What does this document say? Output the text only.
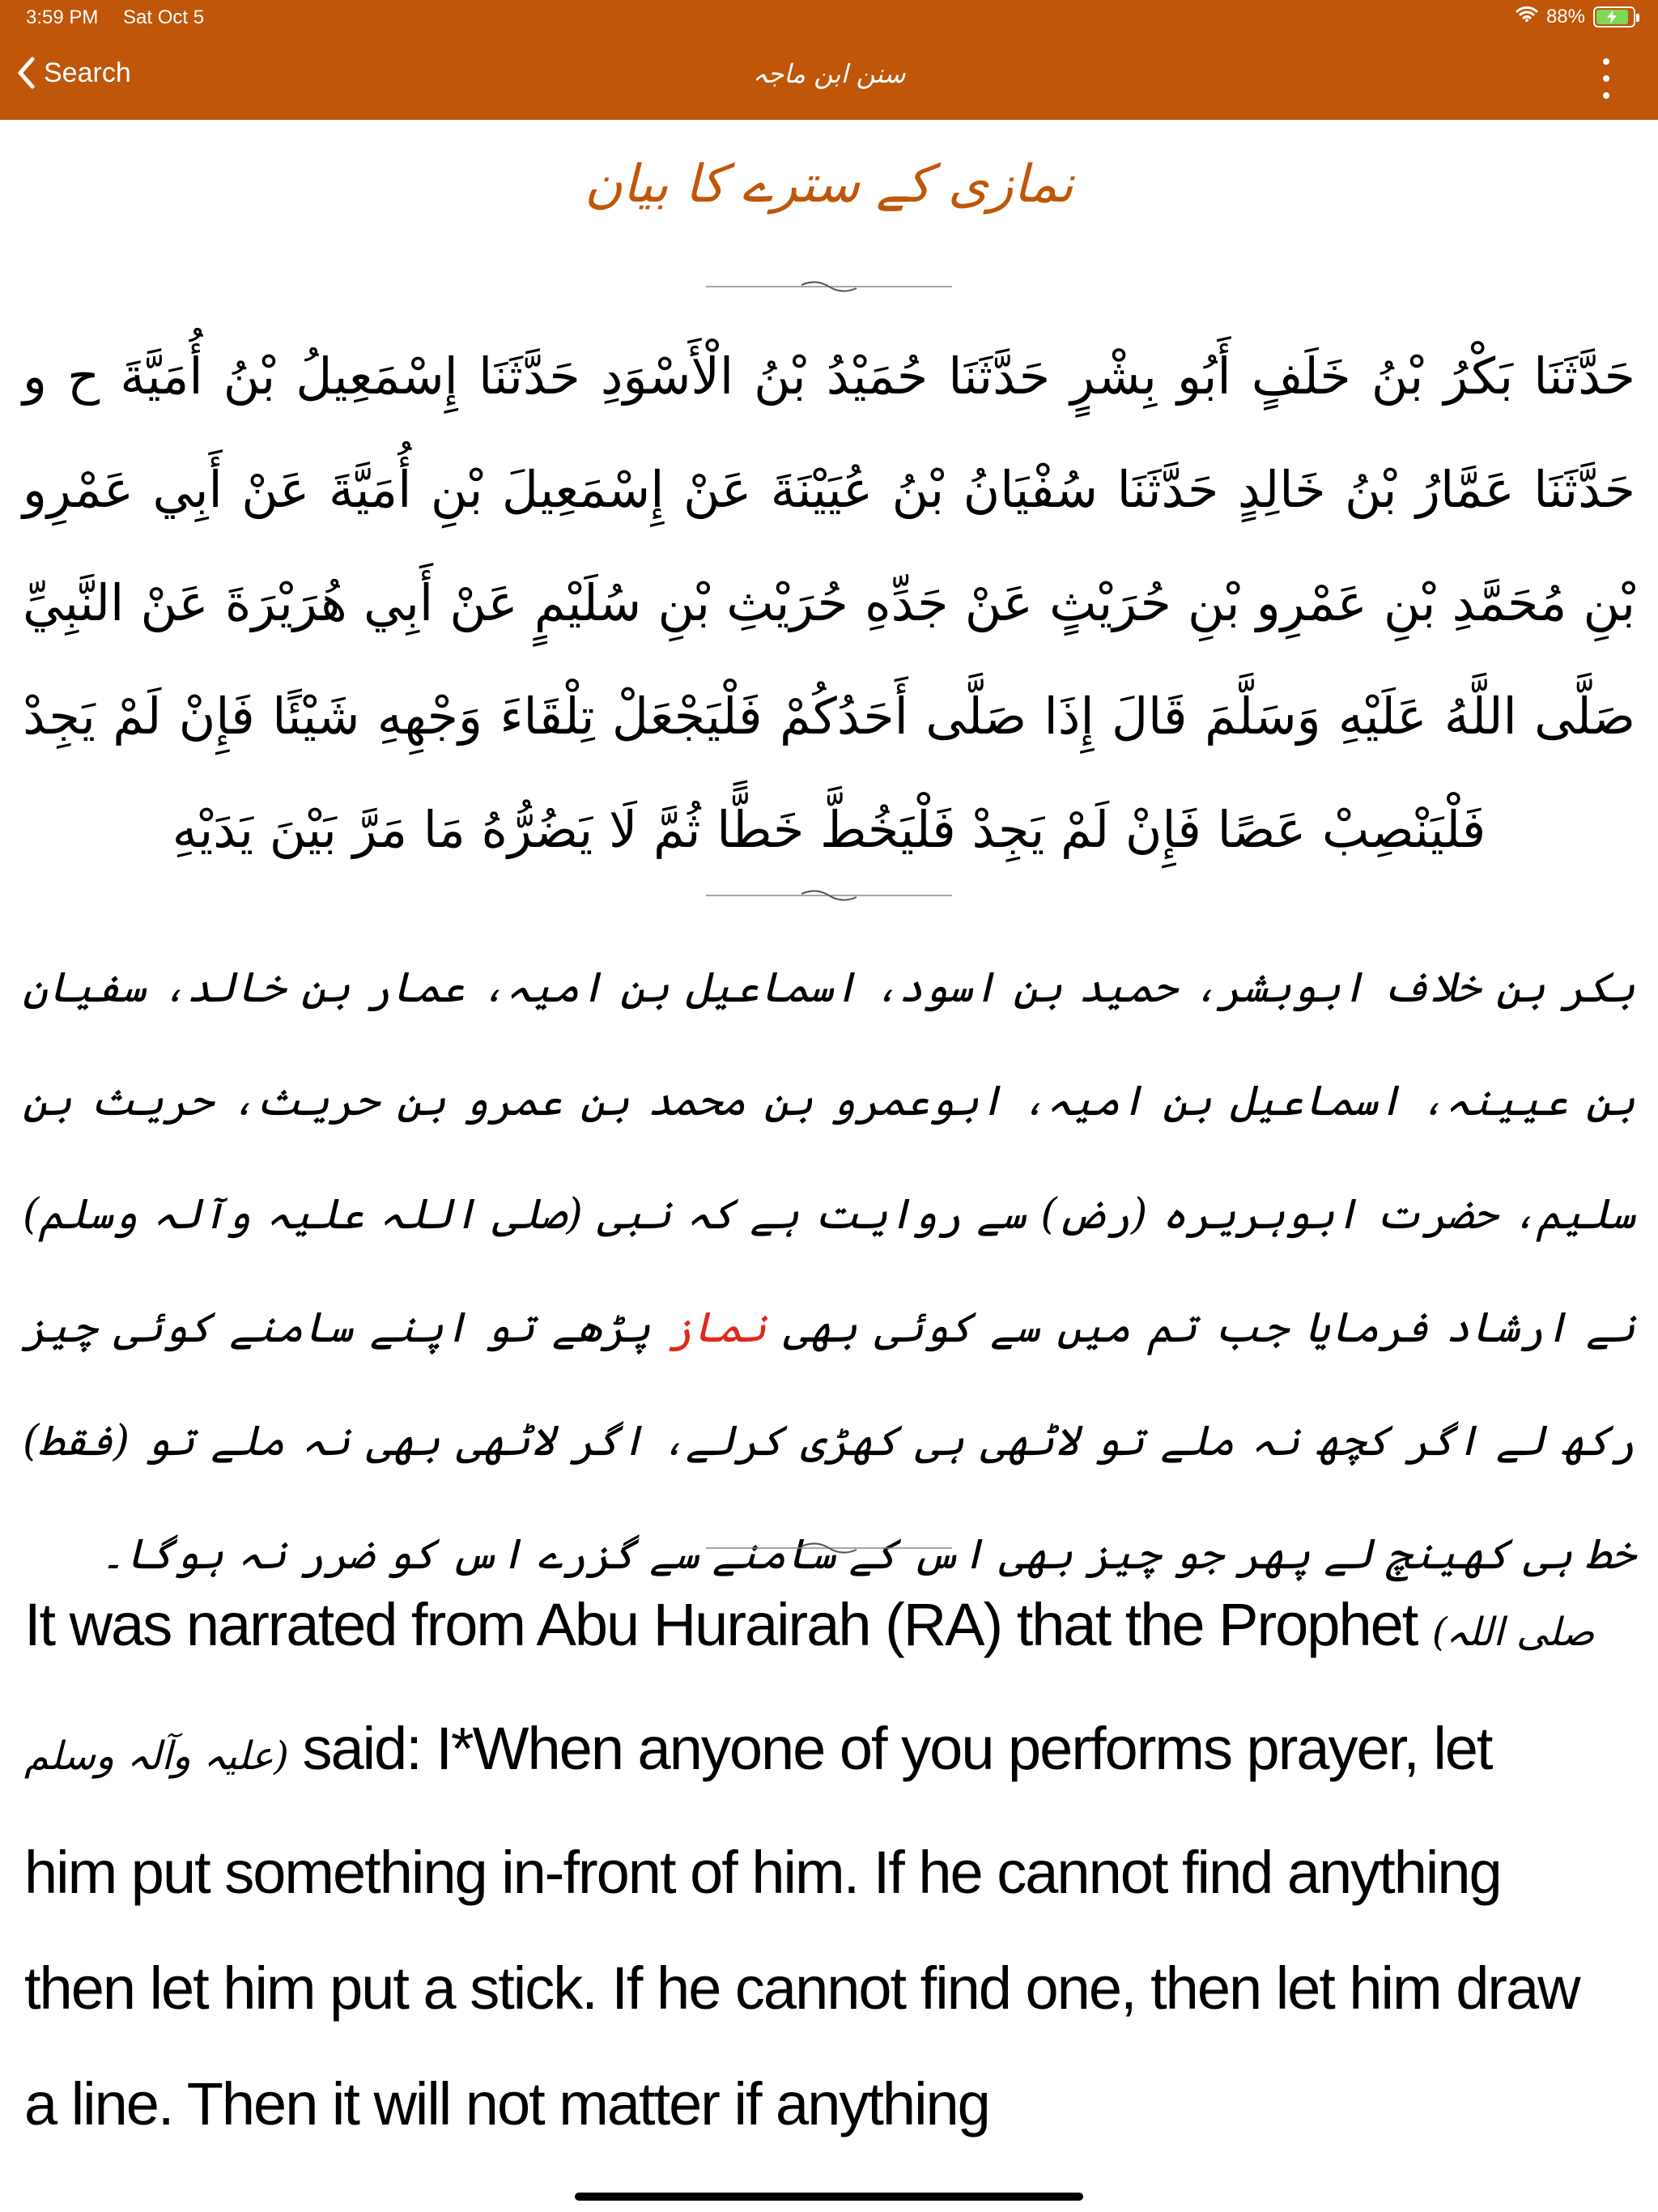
3:59 PM Sat Oct 5	88%
Search	سنن ابن ماجہ
نمازی کے سترے کا بیان
حَدَّثَنَا بَكْرُ بْنُ خَلَفٍ أَبُو بِشْرٍ حَدَّثَنَا حُمَيْدُ بْنُ الْأَسْوَدِ حَدَّثَنَا إِسْمَعِيلُ بْنُ أُمَيَّةَ ح و حَدَّثَنَا عَمَّارُ بْنُ خَالِدٍ حَدَّثَنَا سُفْيَانُ بْنُ عُيَيْنَةَ عَنْ إِسْمَعِيلَ بْنِ أُمَيَّةَ عَنْ أَبِي عَمْرِو بْنِ مُحَمَّدِ بْنِ عَمْرِو بْنِ حُرَيْثٍ عَنْ جَدِّهِ حُرَيْثِ بْنِ سُلَيْمٍ عَنْ أَبِي هُرَيْرَةَ عَنْ النَّبِيِّ صَلَّى اللَّهُ عَلَيْهِ وَسَلَّمَ قَالَ إِذَا صَلَّى أَحَدُكُمْ فَلْيَجْعَلْ تِلْقَاءَ وَجْهِهِ شَيْئًا فَإِنْ لَمْ يَجِدْ فَلْيَنْصِبْ عَصًا فَإِنْ لَمْ يَجِدْ فَلْيَخُطَّ خَطًّا ثُمَّ لَا يَضُرُّهُ مَا مَرَّ بَيْنَ يَدَيْهِ
بکر بن خلاف ابوبشر، حمید بن اسود، اسماعیل بن امیہ، عمار بن خالد، سفیان بن عیینہ، اسماعیل بن امیہ، ابوعمرو بن محمد بن عمرو بن حریث، حریث بن سلیم، حضرت ابوہریرہ (رض) سے روایت ہے کہ نبی (صلی اللہ علیہ وآلہ وسلم) نے ارشاد فرمایا جب تم میں سے کوئی بھی نماز پڑھے تو اپنے سامنے کوئی چیز رکھ لے اگر کچھ نہ ملے تو لاٹھی ہی کھڑی کرلے، اگر لاٹھی بھی نہ ملے تو (فقط) خط ہی کھینچ لے پھر جو چیز بھی اس کے سامنے سے گزرے اس کو ضرر نہ ہوگا۔
It was narrated from Abu Hurairah (RA) that the Prophet (صلی اللہ علیہ وآلہ وسلم) said: I*When anyone of you performs prayer, let him put something in-front of him. If he cannot find anything then let him put a stick. If he cannot find one, then let him draw a line. Then it will not matter if anything
